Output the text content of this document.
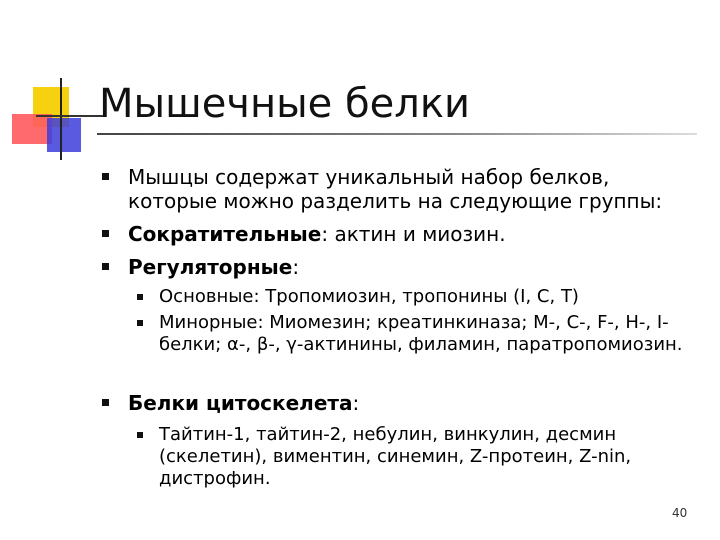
Мышечные белки
Мышцы содержат уникальный набор белков, которые можно разделить на следующие группы:
Сократительные: актин и миозин.
Регуляторные:
Основные: Тропомиозин, тропонины (I, C, T)
Минорные: Миомезин; креатинкиназа; М-, С-, F-, H-, I-белки; α-, β-, γ-актинины, филамин, паратропомиозин.
Белки цитоскелета:
Тайтин-1, тайтин-2, небулин, винкулин, десмин (скелетин), виментин, синемин, Z-протеин, Z-nin, дистрофин.
40
